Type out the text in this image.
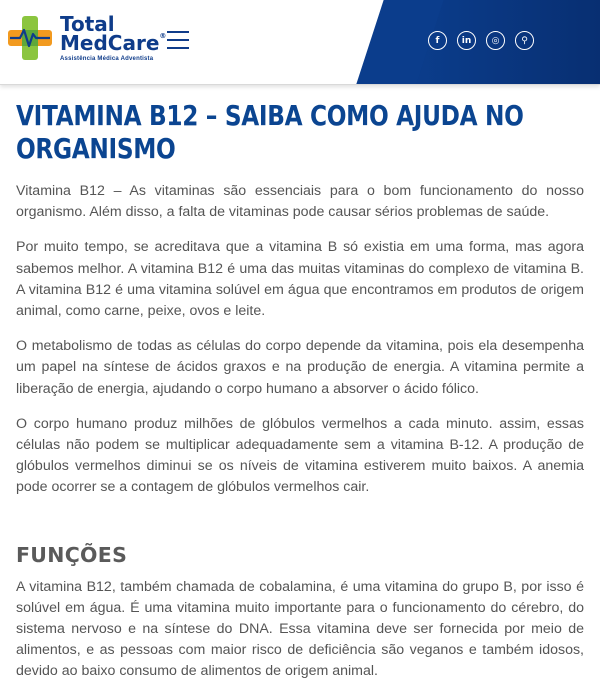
Total
MedCare®
Assistência Médica Adventista
f	in	◎	⚲
VITAMINA B12 – SAIBA COMO AJUDA NO ORGANISMO

Vitamina B12 – As vitaminas são essenciais para o bom funcionamento do nosso organismo. Além disso, a falta de vitaminas pode causar sérios problemas de saúde.

Por muito tempo, se acreditava que a vitamina B só existia em uma forma, mas agora sabemos melhor. A vitamina B12 é uma das muitas vitaminas do complexo de vitamina B. A vitamina B12 é uma vitamina solúvel em água que encontramos em produtos de origem animal, como carne, peixe, ovos e leite.

O metabolismo de todas as células do corpo depende da vitamina, pois ela desempenha um papel na síntese de ácidos graxos e na produção de energia. A vitamina permite a liberação de energia, ajudando o corpo humano a absorver o ácido fólico.

O corpo humano produz milhões de glóbulos vermelhos a cada minuto. assim, essas células não podem se multiplicar adequadamente sem a vitamina B-12. A produção de glóbulos vermelhos diminui se os níveis de vitamina estiverem muito baixos. A anemia pode ocorrer se a contagem de glóbulos vermelhos cair.

FUNÇÕES

A vitamina B12, também chamada de cobalamina, é uma vitamina do grupo B, por isso é solúvel em água. É uma vitamina muito importante para o funcionamento do cérebro, do sistema nervoso e na síntese do DNA. Essa vitamina deve ser fornecida por meio de alimentos, e as pessoas com maior risco de deficiência são veganos e também idosos, devido ao baixo consumo de alimentos de origem animal.
